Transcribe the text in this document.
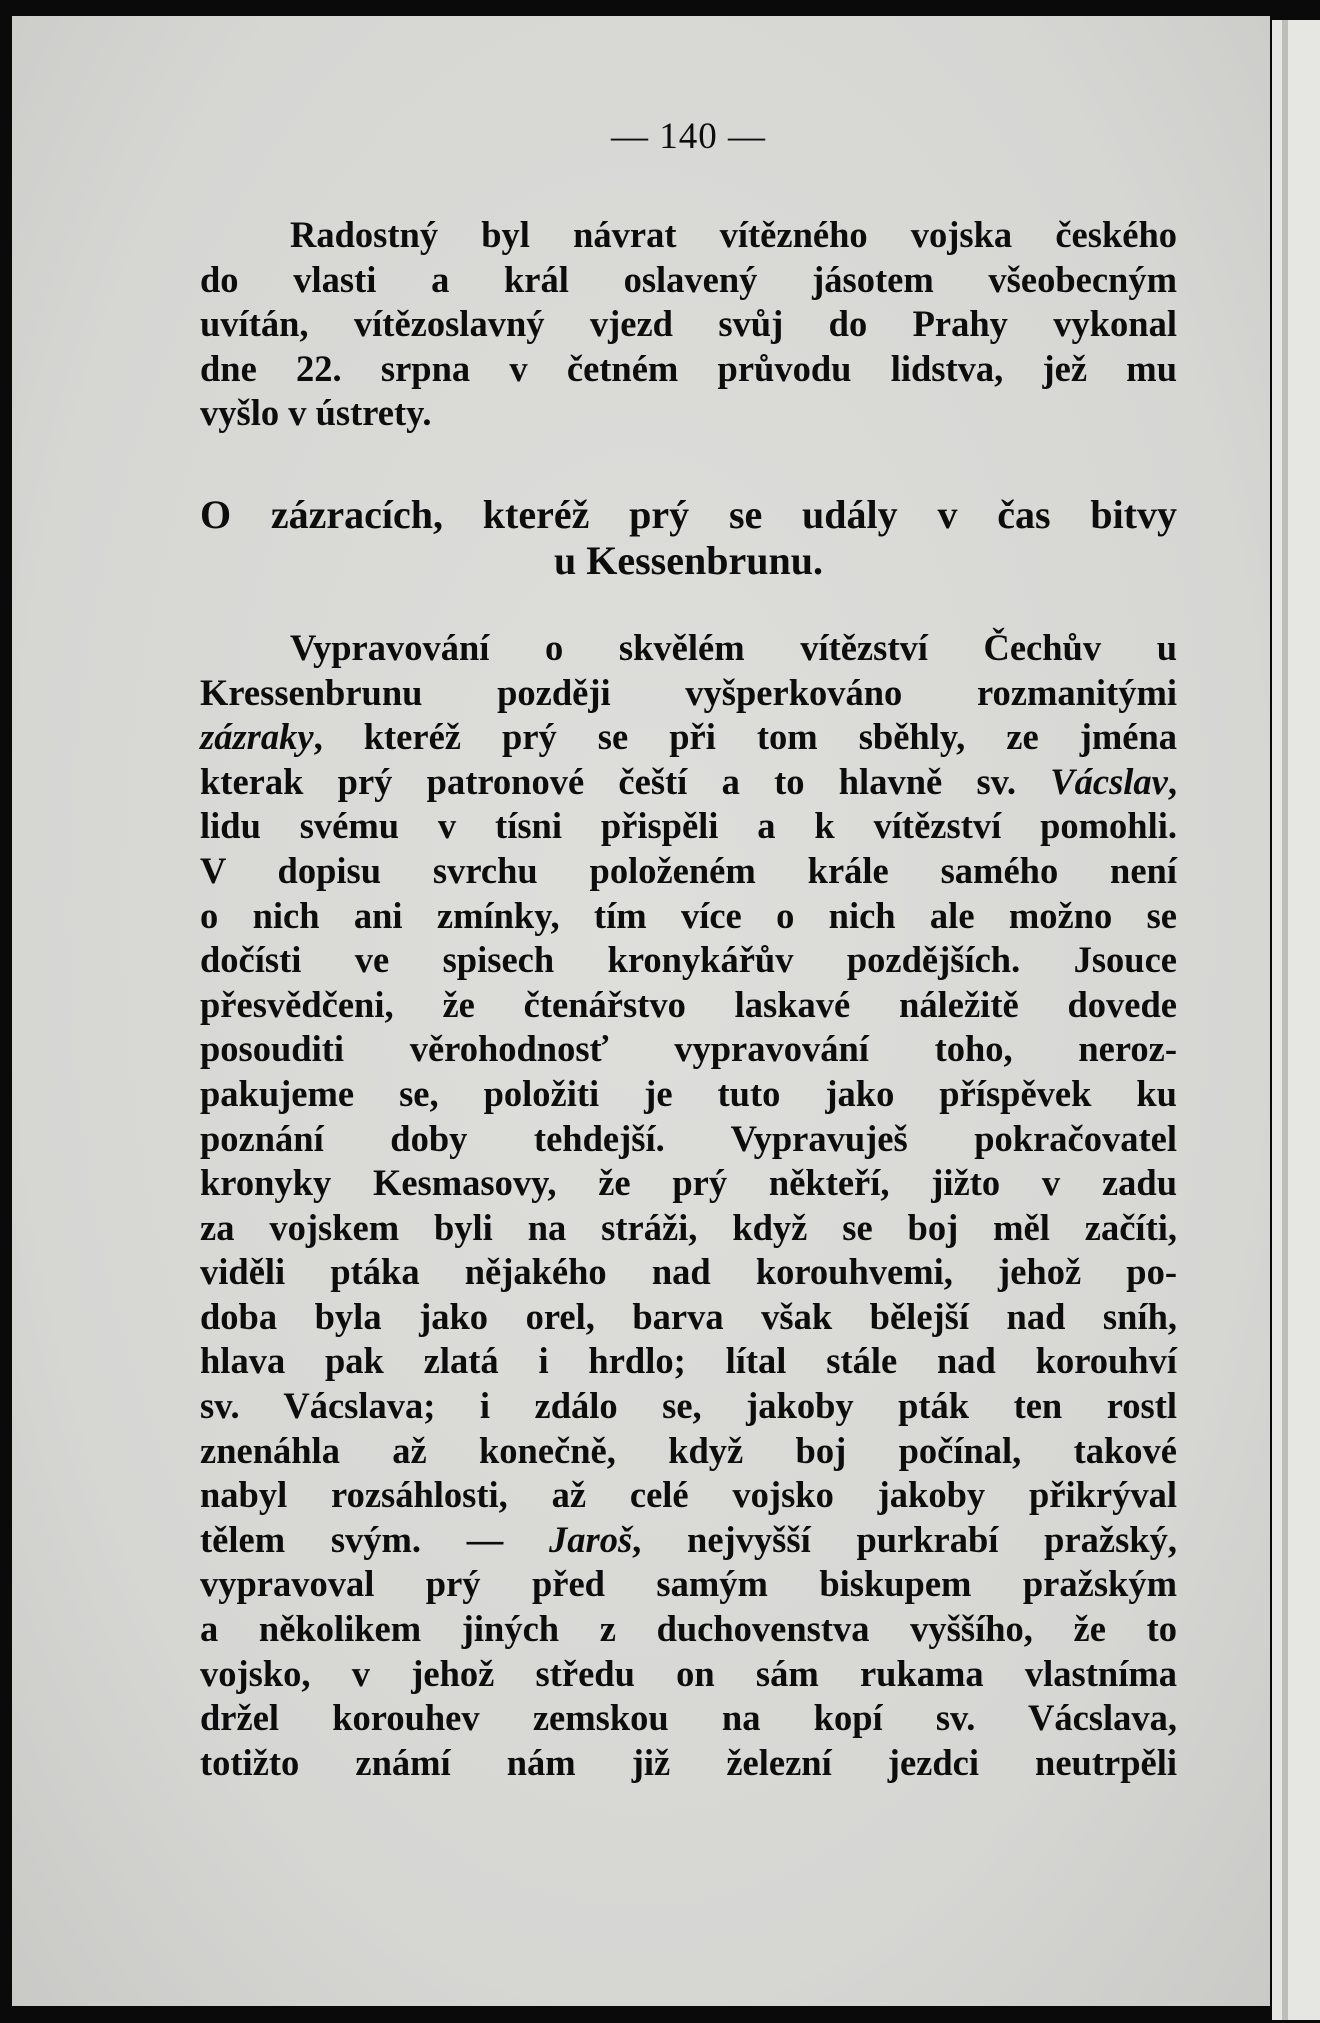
— 140 —
Radostný byl návrat vítězného vojska českého
do vlasti a král oslavený jásotem všeobecným
uvítán, vítězoslavný vjezd svůj do Prahy vykonal
dne 22. srpna v četném průvodu lidstva, jež mu
vyšlo v ústrety.
O zázracích, kteréž prý se udály v čas bitvy
u Kessenbrunu.
Vypravování o skvělém vítězství Čechův u
Kressenbrunu později vyšperkováno rozmanitými
zázraky, kteréž prý se při tom sběhly, ze jména
kterak prý patronové čeští a to hlavně sv. Vácslav,
lidu svému v tísni přispěli a k vítězství pomohli.
V dopisu svrchu položeném krále samého není
o nich ani zmínky, tím více o nich ale možno se
dočísti ve spisech kronykářův pozdějších. Jsouce
přesvědčeni, že čtenářstvo laskavé náležitě dovede
posouditi věrohodnosť vypravování toho, neroz-
pakujeme se, položiti je tuto jako příspěvek ku
poznání doby tehdejší. Vypravuješ pokračovatel
kronyky Kesmasovy, že prý někteří, jižto v zadu
za vojskem byli na stráži, když se boj měl začíti,
viděli ptáka nějakého nad korouhvemi, jehož po-
doba byla jako orel, barva však bělejší nad sníh,
hlava pak zlatá i hrdlo; lítal stále nad korouhví
sv. Vácslava; i zdálo se, jakoby pták ten rostl
znenáhla až konečně, když boj počínal, takové
nabyl rozsáhlosti, až celé vojsko jakoby přikrýval
tělem svým. — Jaroš, nejvyšší purkrabí pražský,
vypravoval prý před samým biskupem pražským
a několikem jiných z duchovenstva vyššího, že to
vojsko, v jehož středu on sám rukama vlastníma
držel korouhev zemskou na kopí sv. Vácslava,
totižto známí nám již železní jezdci neutrpěli
